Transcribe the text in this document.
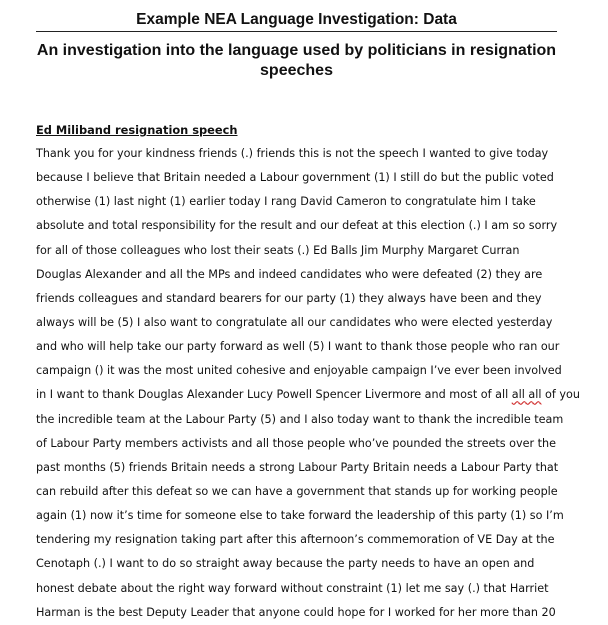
Example NEA Language Investigation: Data
An investigation into the language used by politicians in resignation speeches
Ed Miliband resignation speech
Thank you for your kindness friends (.) friends this is not the speech I wanted to give today
because I believe that Britain needed a Labour government (1) I still do but the public voted
otherwise (1) last night (1) earlier today I rang David Cameron to congratulate him I take
absolute and total responsibility for the result and our defeat at this election (.) I am so sorry
for all of those colleagues who lost their seats (.) Ed Balls Jim Murphy Margaret Curran
Douglas Alexander and all the MPs and indeed candidates who were defeated (2) they are
friends colleagues and standard bearers for our party (1) they always have been and they
always will be (5) I also want to congratulate all our candidates who were elected yesterday
and who will help take our party forward as well (5) I want to thank those people who ran our
campaign () it was the most united cohesive and enjoyable campaign I’ve ever been involved
in I want to thank Douglas Alexander Lucy Powell Spencer Livermore and most of all all all of you
the incredible team at the Labour Party (5) and I also today want to thank the incredible team
of Labour Party members activists and all those people who’ve pounded the streets over the
past months (5) friends Britain needs a strong Labour Party Britain needs a Labour Party that
can rebuild after this defeat so we can have a government that stands up for working people
again (1) now it’s time for someone else to take forward the leadership of this party (1) so I’m
tendering my resignation taking part after this afternoon’s commemoration of VE Day at the
Cenotaph (.) I want to do so straight away because the party needs to have an open and
honest debate about the right way forward without constraint (1) let me say (.) that Harriet
Harman is the best Deputy Leader that anyone could hope for I worked for her more than 20
